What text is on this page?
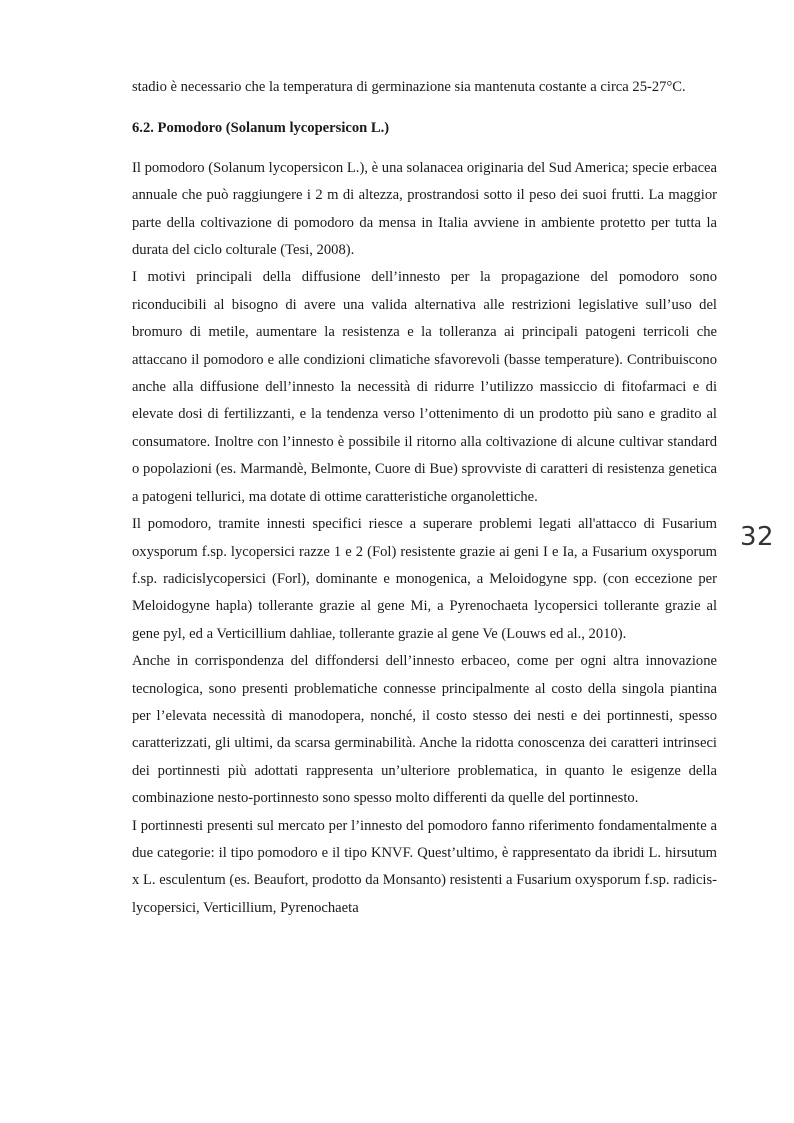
stadio è necessario che la temperatura di germinazione sia mantenuta costante a circa 25-27°C.

6.2. Pomodoro (Solanum lycopersicon L.)

Il pomodoro (Solanum lycopersicon L.), è una solanacea originaria del Sud America; specie erbacea annuale che può raggiungere i 2 m di altezza, prostrandosi sotto il peso dei suoi frutti. La maggior parte della coltivazione di pomodoro da mensa in Italia avviene in ambiente protetto per tutta la durata del ciclo colturale (Tesi, 2008).

I motivi principali della diffusione dell’innesto per la propagazione del pomodoro sono riconducibili al bisogno di avere una valida alternativa alle restrizioni legislative sull’uso del bromuro di metile, aumentare la resistenza e la tolleranza ai principali patogeni terricoli che attaccano il pomodoro e alle condizioni climatiche sfavorevoli (basse temperature). Contribuiscono anche alla diffusione dell’innesto la necessità di ridurre l’utilizzo massiccio di fitofarmaci e di elevate dosi di fertilizzanti, e la tendenza verso l’ottenimento di un prodotto più sano e gradito al consumatore. Inoltre con l’innesto è possibile il ritorno alla coltivazione di alcune cultivar standard o popolazioni (es. Marmandè, Belmonte, Cuore di Bue) sprovviste di caratteri di resistenza genetica a patogeni tellurici, ma dotate di ottime caratteristiche organolettiche.

Il pomodoro, tramite innesti specifici riesce a superare problemi legati all'attacco di Fusarium oxysporum f.sp. lycopersici razze 1 e 2 (Fol) resistente grazie ai geni I e Ia, a Fusarium oxysporum f.sp. radicislycopersici (Forl), dominante e monogenica, a Meloidogyne spp. (con eccezione per Meloidogyne hapla) tollerante grazie al gene Mi, a Pyrenochaeta lycopersici tollerante grazie al gene pyl, ed a Verticillium dahliae, tollerante grazie al gene Ve (Louws ed al., 2010).

Anche in corrispondenza del diffondersi dell’innesto erbaceo, come per ogni altra innovazione tecnologica, sono presenti problematiche connesse principalmente al costo della singola piantina per l’elevata necessità di manodopera, nonché, il costo stesso dei nesti e dei portinnesti, spesso caratterizzati, gli ultimi, da scarsa germinabilità. Anche la ridotta conoscenza dei caratteri intrinseci dei portinnesti più adottati rappresenta un’ulteriore problematica, in quanto le esigenze della combinazione nesto-portinnesto sono spesso molto differenti da quelle del portinnesto.

I portinnesti presenti sul mercato per l’innesto del pomodoro fanno riferimento fondamentalmente a due categorie: il tipo pomodoro e il tipo KNVF. Quest’ultimo, è rappresentato da ibridi L. hirsutum x L. esculentum (es. Beaufort, prodotto da Monsanto) resistenti a Fusarium oxysporum f.sp. radicis-lycopersici, Verticillium, Pyrenochaeta

32
